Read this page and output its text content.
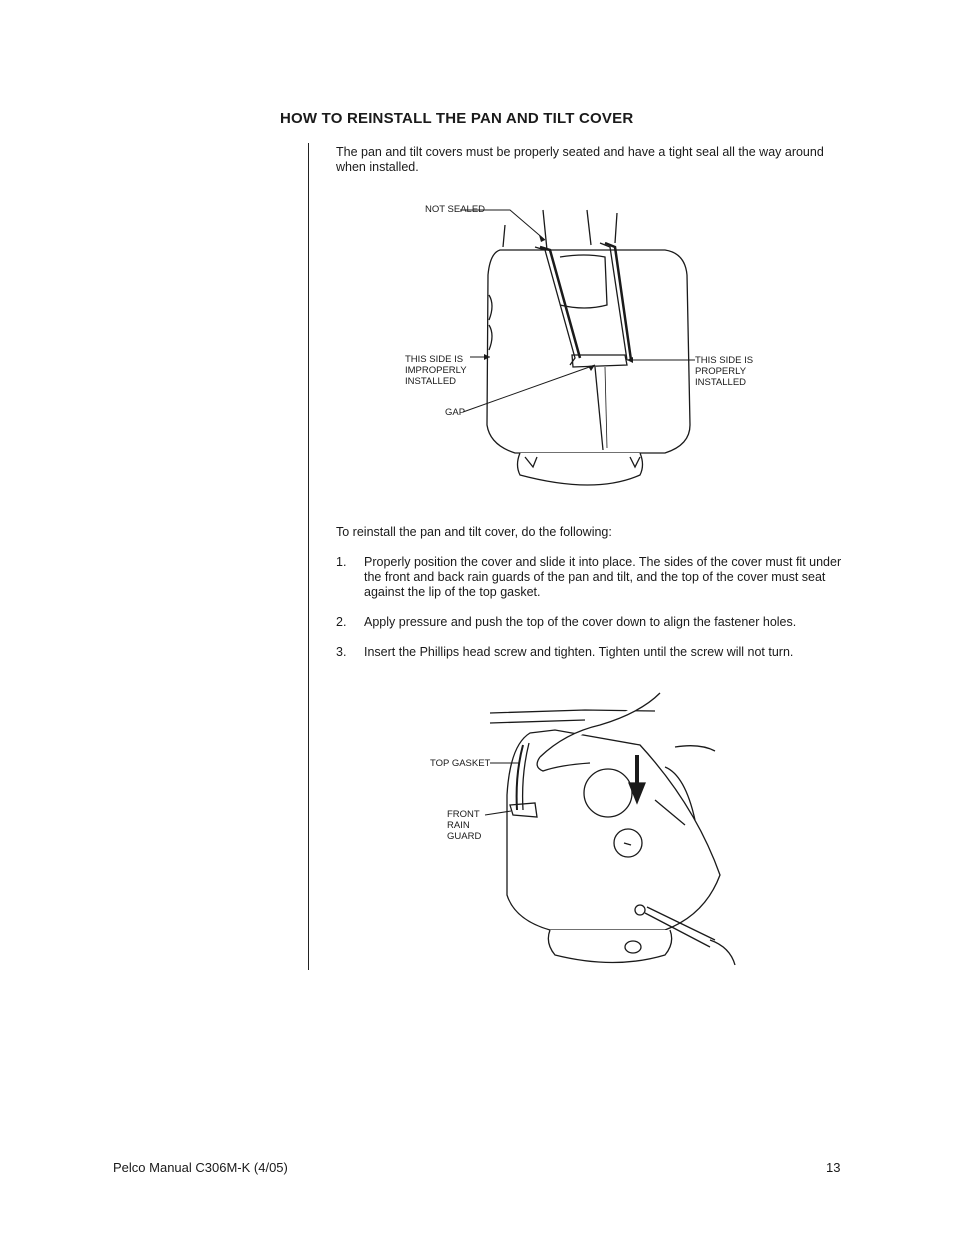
HOW TO REINSTALL THE PAN AND TILT COVER
The pan and tilt covers must be properly seated and have a tight seal all the way around
when installed.
NOT SEALED
THIS SIDE IS
IMPROPERLY
INSTALLED
THIS SIDE IS
PROPERLY
INSTALLED
GAP
To reinstall the pan and tilt cover, do the following:
1. Properly position the cover and slide it into place. The sides of the cover must fit under
the front and back rain guards of the pan and tilt, and the top of the cover must seat
against the lip of the top gasket.
2. Apply pressure and push the top of the cover down to align the fastener holes.
3. Insert the Phillips head screw and tighten. Tighten until the screw will not turn.
TOP GASKET
FRONT
RAIN
GUARD
Pelco Manual C306M-K (4/05)	13
